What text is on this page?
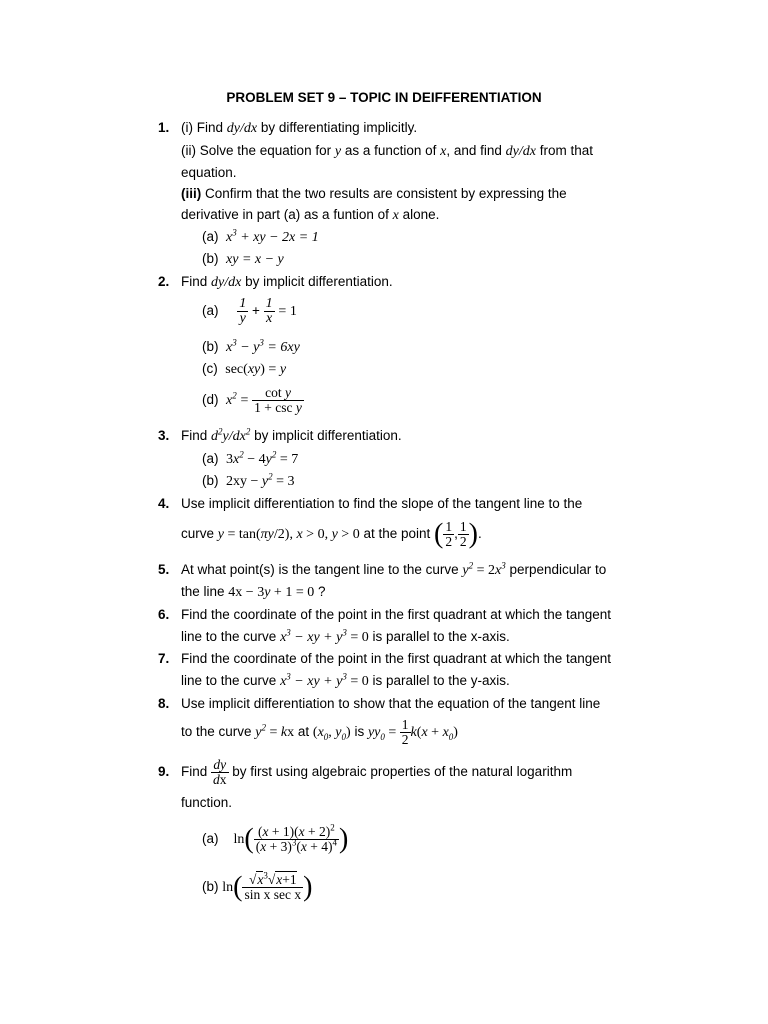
PROBLEM SET 9 – TOPIC IN DEIFFERENTIATION
1. (i) Find dy/dx by differentiating implicitly.
(ii) Solve the equation for y as a function of x, and find dy/dx from that
equation.
(iii) Confirm that the two results are consistent by expressing the
derivative in part (a) as a funtion of x alone.
(a) $x^3$ + xy − 2x = 1
(b) xy = x − y
2. Find dy/dx by implicit differentiation.
$(a) \frac{1}{y} + \frac{1}{x} = 1$
(b) $x^3 - y^3 = 6xy$
(c) sec(xy) = y
(d) $x^2 = \frac{\text{cot y}}{\text{1 + csc y}}$
3. Find $d^2y/dx^2$ by implicit differentiation.
(a) $3x^2 - 4y^2 = 7$
(b) $2xy - y^2 = 3$
4. Use implicit differentiation to find the slope of the tangent line to the
curve y = tan(πy/2), x > 0, y > 0 at the point ( $\frac{1}{2}$ , $\frac{1}{2}$ ).
5. At what point(s) is the tangent line to the curve $y^2 = 2x^3$ perpendicular to
the line 4x − 3y + 1 = 0 ?
6. Find the coordinate of the point in the first quadrant at which the tangent
line to the curve $x^3$ − xy + $y^3 = 0$ is parallel to the x-axis.
7. Find the coordinate of the point in the first quadrant at which the tangent
line to the curve $x^3$ − xy + $y^3 = 0$ is parallel to the y-axis.
8. Use implicit differentiation to show that the equation of the tangent line
to the curve $y^2$ = kx at ($x_0$, $y_0$) is $yy_0 = \frac{1}{2} k(x + x_0)$
9. Find $\frac{dy}{dx}$ by first using algebraic properties of the natural logarithm
function.
(a) $\ln( \frac{(x + 1)(x + 2)^2}{(x + 3)^3(x + 4)^4}$ )
(b) $\ln( \frac{√x^3√x+1}{\text{sin x sec x}}$ )
